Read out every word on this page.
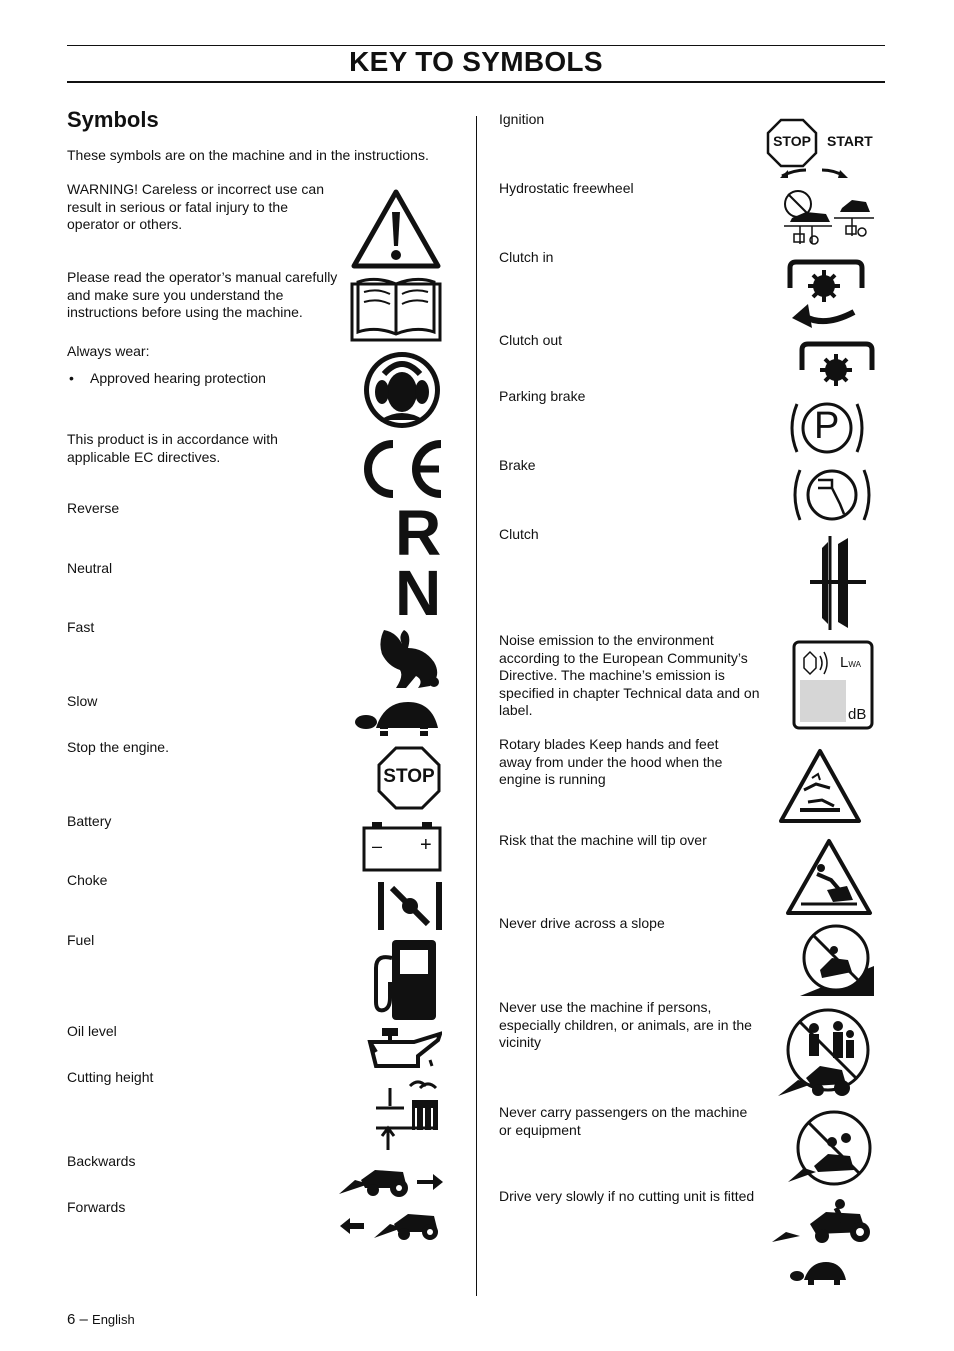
KEY TO SYMBOLS
Symbols
These symbols are on the machine and in the instructions.
WARNING! Careless or incorrect use can result in serious or fatal injury to the operator or others.
Please read the operator’s manual carefully and make sure you understand the instructions before using the machine.
Always wear:
• Approved hearing protection
This product is in accordance with applicable EC directives.
Reverse
Neutral
Fast
Slow
Stop the engine.
Battery
Choke
Fuel
Oil level
Cutting height
Backwards
Forwards
Ignition
Hydrostatic freewheel
Clutch in
Clutch out
Parking brake
Brake
Clutch
Noise emission to the environment according to the European Community’s Directive. The machine’s emission is specified in chapter Technical data and on label.
Rotary blades Keep hands and feet away from under the hood when the engine is running
Risk that the machine will tip over
Never drive across a slope
Never use the machine if persons, especially children, or animals, are in the vicinity
Never carry passengers on the machine or equipment
Drive very slowly if no cutting unit is fitted
R
N
STOP
– +
STOP	START
P
LWA
dB
6 – English
